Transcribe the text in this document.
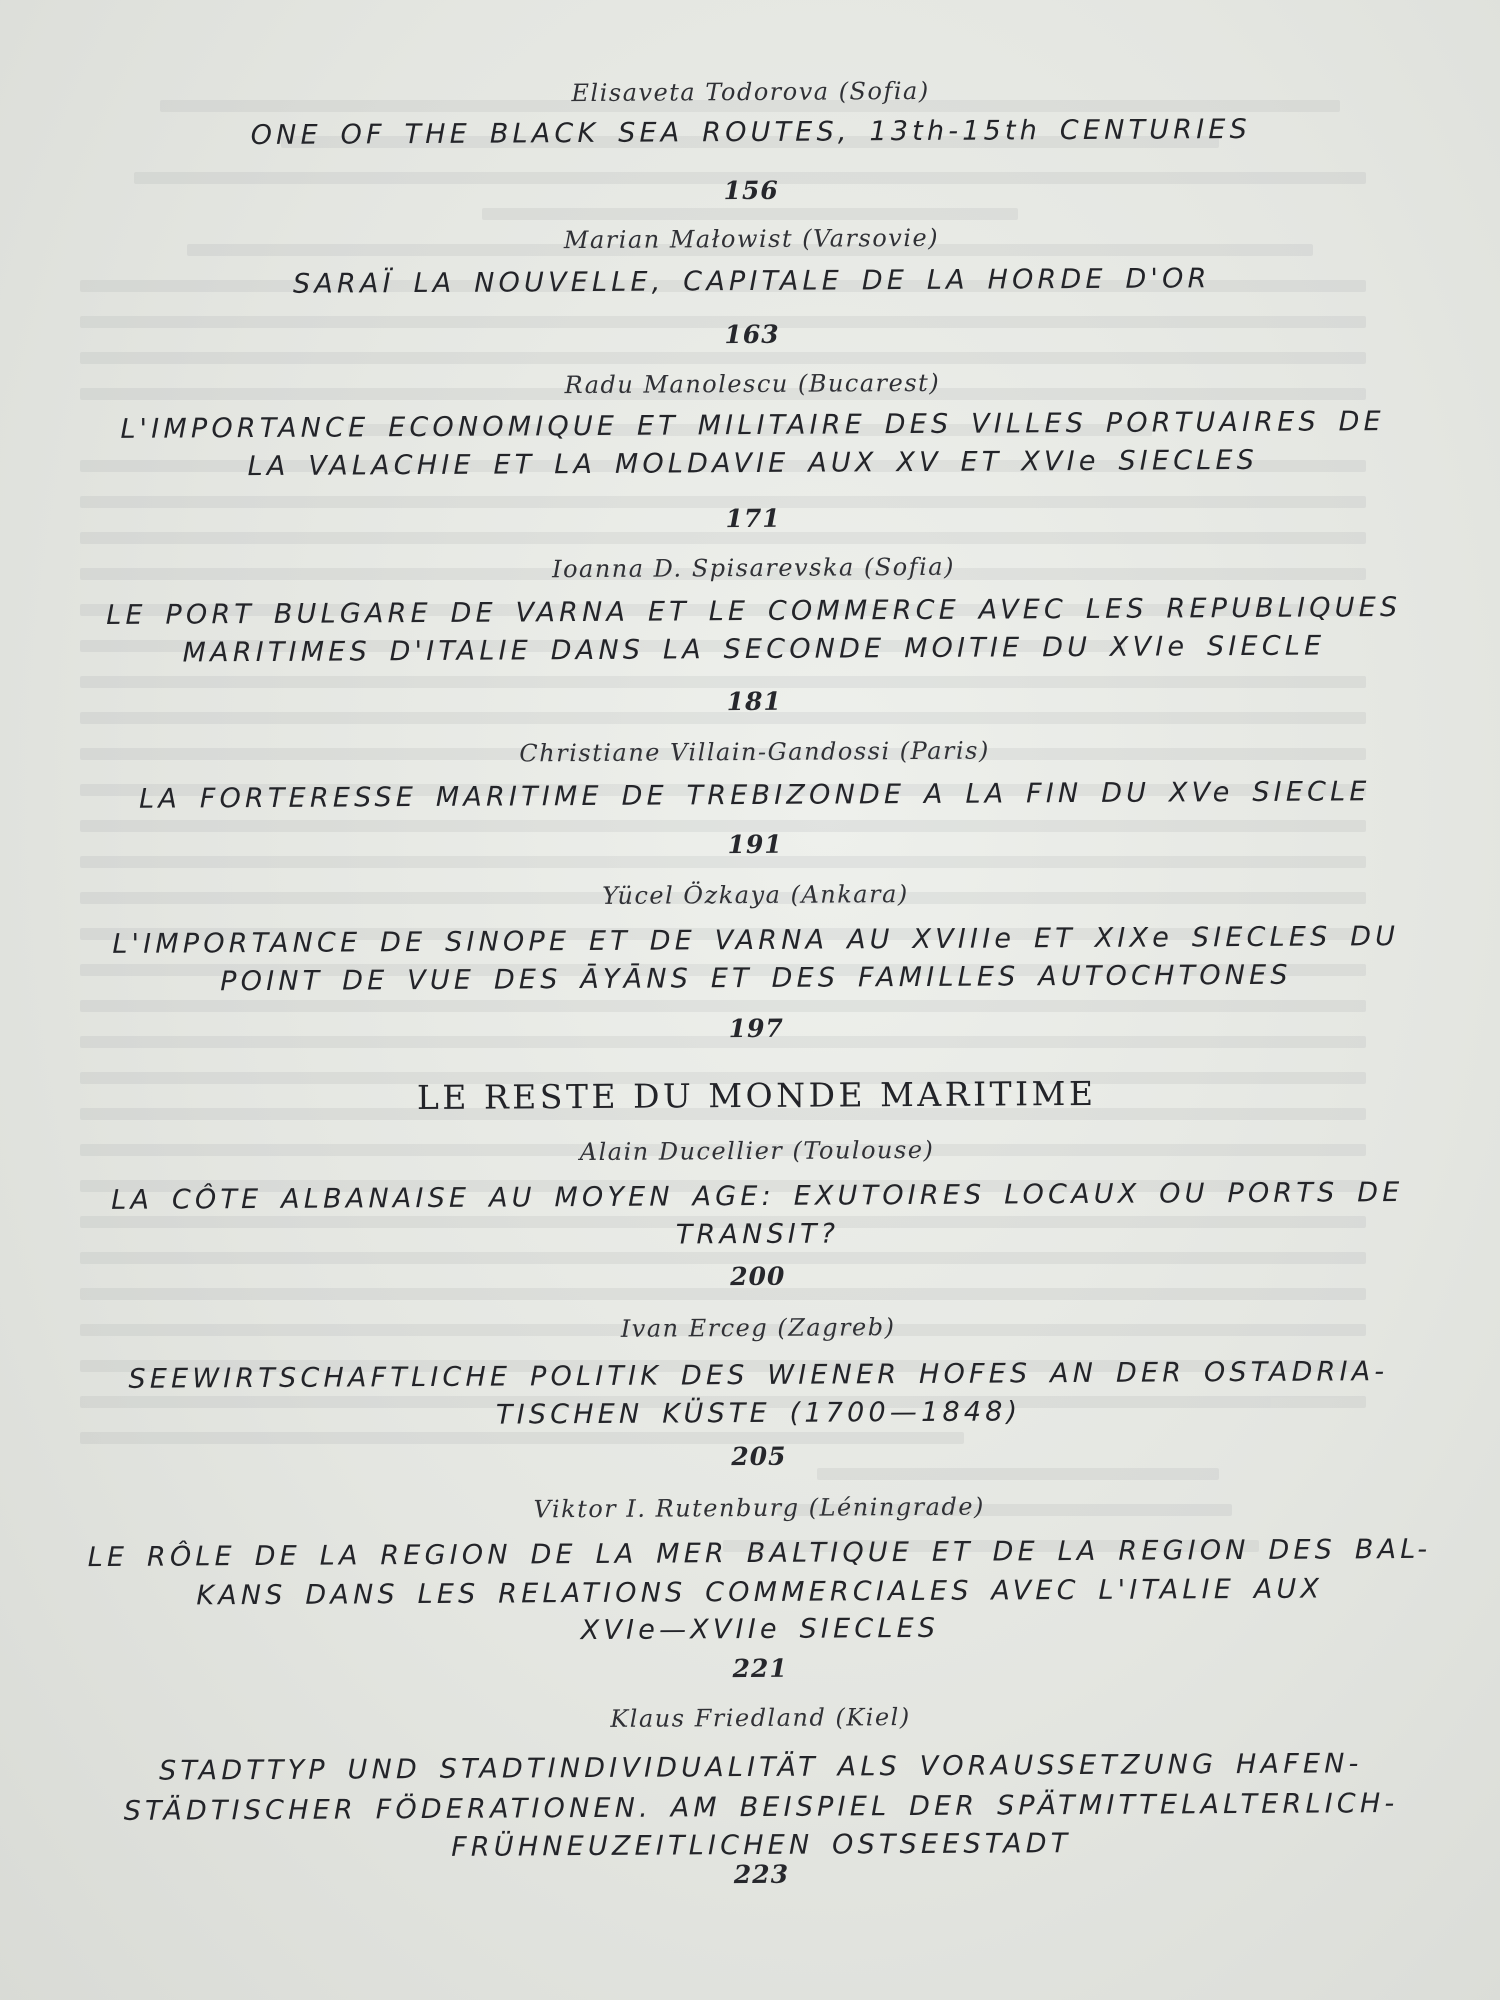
Elisaveta Todorova (Sofia)
ONE OF THE BLACK SEA ROUTES, 13th-15th CENTURIES
156
Marian Małowist (Varsovie)
SARAÏ LA NOUVELLE, CAPITALE DE LA HORDE D'OR
163
Radu Manolescu (Bucarest)
L'IMPORTANCE ECONOMIQUE ET MILITAIRE DES VILLES PORTUAIRES DE
LA VALACHIE ET LA MOLDAVIE AUX XV ET XVIe SIECLES
171
Ioanna D. Spisarevska (Sofia)
LE PORT BULGARE DE VARNA ET LE COMMERCE AVEC LES REPUBLIQUES
MARITIMES D'ITALIE DANS LA SECONDE MOITIE DU XVIe SIECLE
181
Christiane Villain-Gandossi (Paris)
LA FORTERESSE MARITIME DE TREBIZONDE A LA FIN DU XVe SIECLE
191
Yücel Özkaya (Ankara)
L'IMPORTANCE DE SINOPE ET DE VARNA AU XVIIIe ET XIXe SIECLES DU
POINT DE VUE DES ĀYĀNS ET DES FAMILLES AUTOCHTONES
197
LE RESTE DU MONDE MARITIME
Alain Ducellier (Toulouse)
LA CÔTE ALBANAISE AU MOYEN AGE: EXUTOIRES LOCAUX OU PORTS DE
TRANSIT?
200
Ivan Erceg (Zagreb)
SEEWIRTSCHAFTLICHE POLITIK DES WIENER HOFES AN DER OSTADRIA-
TISCHEN KÜSTE (1700—1848)
205
Viktor I. Rutenburg (Léningrade)
LE RÔLE DE LA REGION DE LA MER BALTIQUE ET DE LA REGION DES BAL-
KANS DANS LES RELATIONS COMMERCIALES AVEC L'ITALIE AUX
XVIe—XVIIe SIECLES
221
Klaus Friedland (Kiel)
STADTTYP UND STADTINDIVIDUALITÄT ALS VORAUSSETZUNG HAFEN-
STÄDTISCHER FÖDERATIONEN. AM BEISPIEL DER SPÄTMITTELALTERLICH-
FRÜHNEUZEITLICHEN OSTSEESTADT
223
